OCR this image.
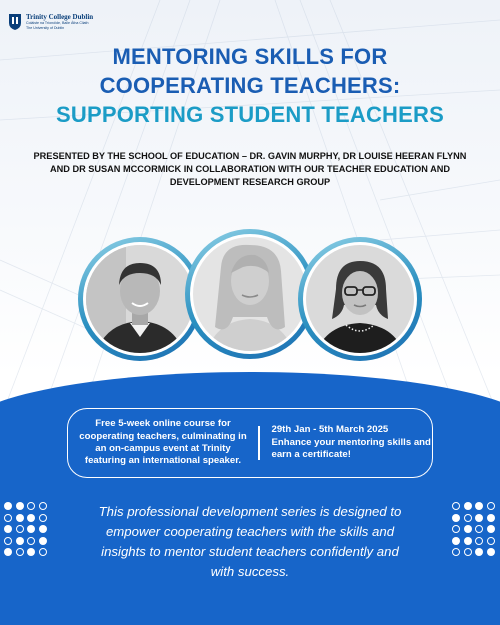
Trinity College Dublin
Coláiste na Tríonóide, Baile Átha Cliath
The University of Dublin
MENTORING SKILLS FOR
COOPERATING TEACHERS:
SUPPORTING STUDENT TEACHERS
PRESENTED BY THE SCHOOL OF EDUCATION – DR. GAVIN MURPHY, DR LOUISE HEERAN FLYNN AND DR SUSAN MCCORMICK IN COLLABORATION WITH OUR TEACHER EDUCATION AND DEVELOPMENT RESEARCH GROUP
Free 5-week online course for cooperating teachers, culminating in an on-campus event at Trinity featuring an international speaker.
29th Jan - 5th March 2025
Enhance your mentoring skills and earn a certificate!
This professional development series is designed to empower cooperating teachers with the skills and insights to mentor student teachers confidently and with success.
